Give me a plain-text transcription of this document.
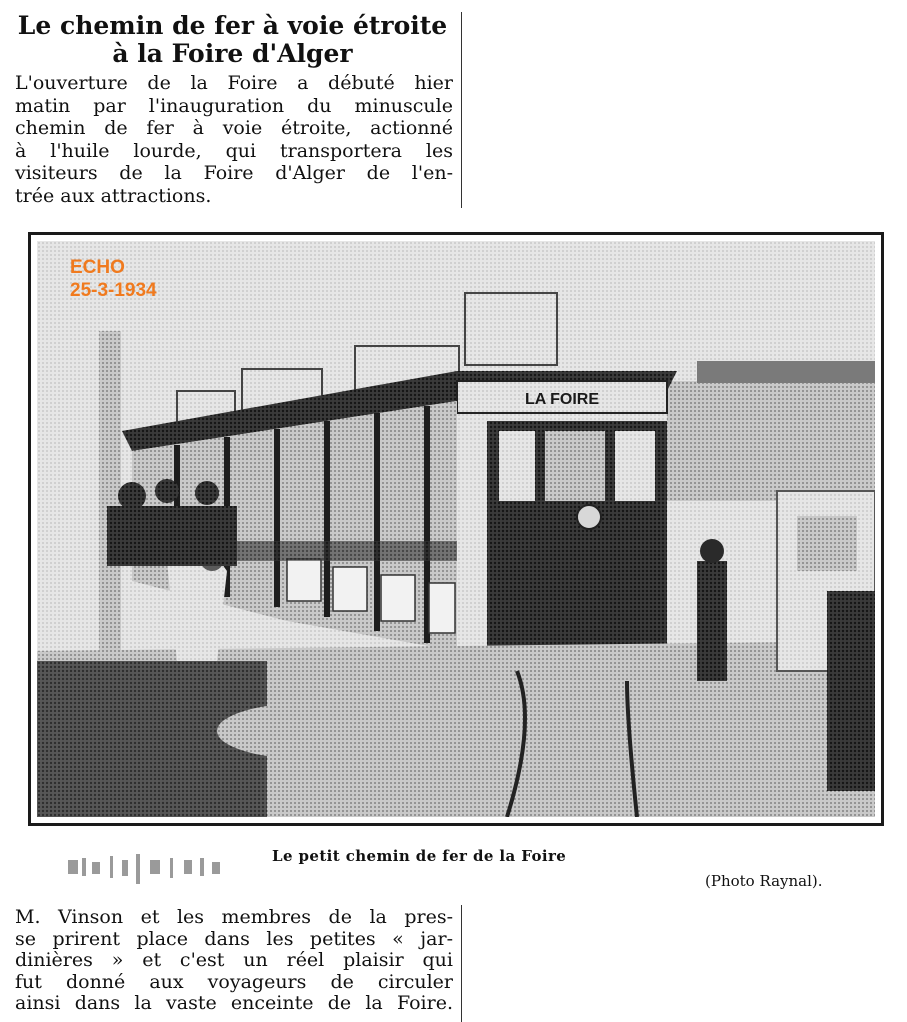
Le chemin de fer à voie étroite
à la Foire d'Alger

L'ouverture de la Foire a débuté hier
matin par l'inauguration du minuscule
chemin de fer à voie étroite, actionné
à l'huile lourde, qui transportera les
visiteurs de la Foire d'Alger de l'en-
trée aux attractions.

LA FOIRE
ECHO
25-3-1934

Le petit chemin de fer de la Foire

(Photo Raynal).

M. Vinson et les membres de la pres-
se prirent place dans les petites « jar-
dinières » et c'est un réel plaisir qui
fut donné aux voyageurs de circuler
ainsi dans la vaste enceinte de la Foire.
